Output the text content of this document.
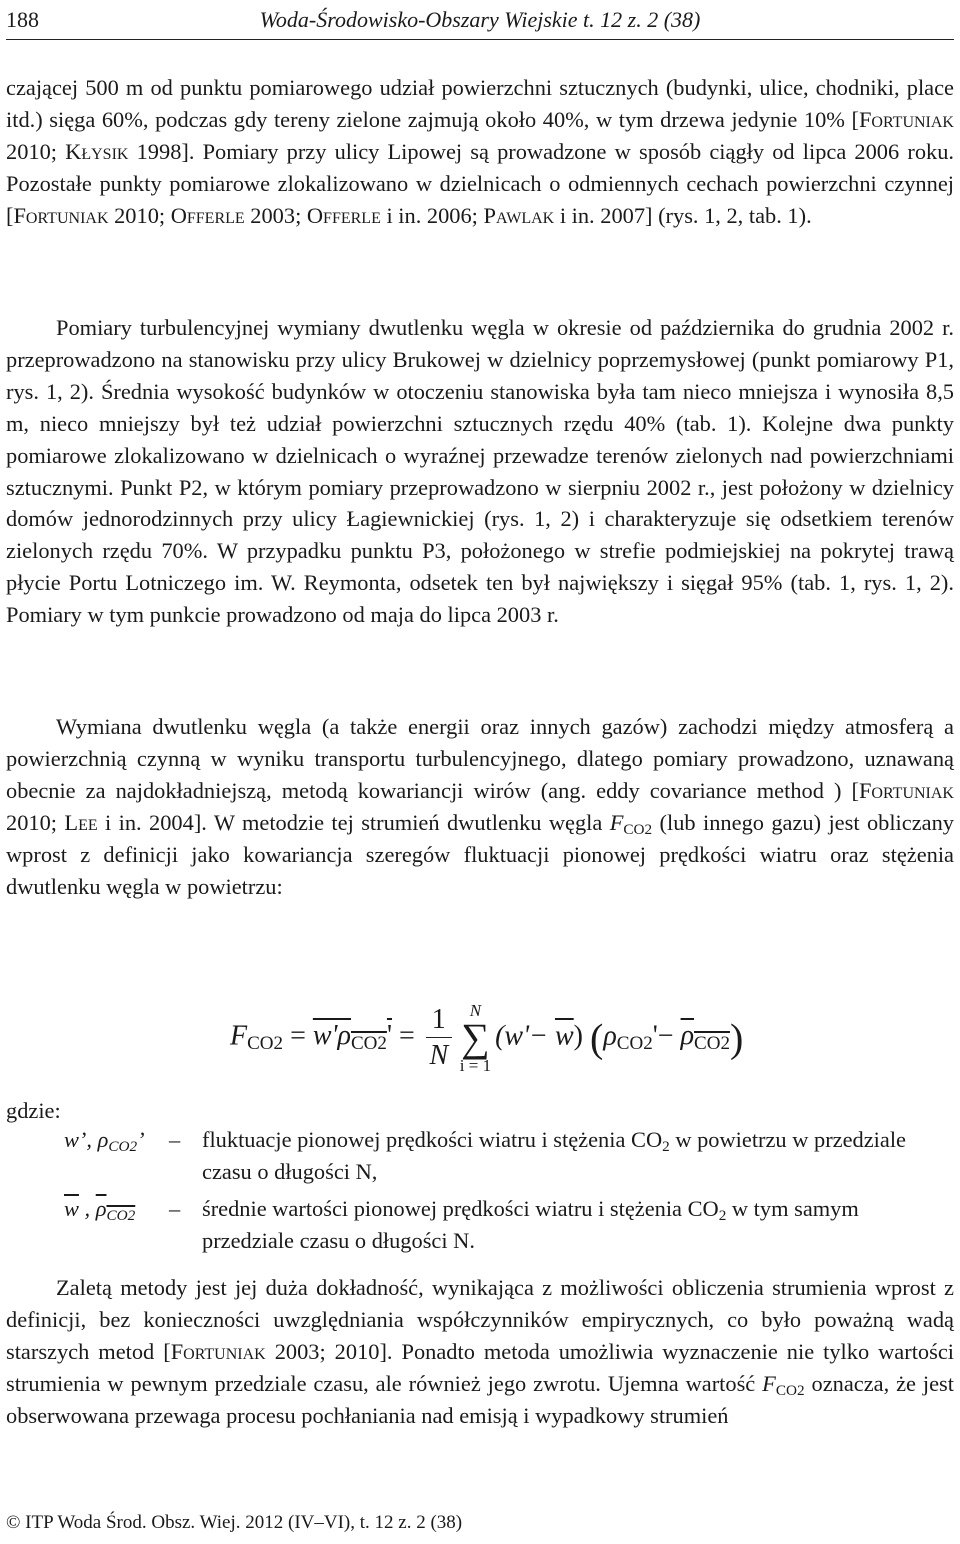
188	Woda-Środowisko-Obszary Wiejskie t. 12 z. 2 (38)

czającej 500 m od punktu pomiarowego udział powierzchni sztucznych (budynki, ulice, chodniki, place itd.) sięga 60%, podczas gdy tereny zielone zajmują około 40%, w tym drzewa jedynie 10% [Fortuniak 2010; Kłysik 1998]. Pomiary przy ulicy Lipowej są prowadzone w sposób ciągły od lipca 2006 roku. Pozostałe punkty pomiarowe zlokalizowano w dzielnicach o odmiennych cechach powierzchni czynnej [Fortuniak 2010; Offerle 2003; Offerle i in. 2006; Pawlak i in. 2007] (rys. 1, 2, tab. 1).

Pomiary turbulencyjnej wymiany dwutlenku węgla w okresie od października do grudnia 2002 r. przeprowadzono na stanowisku przy ulicy Brukowej w dzielnicy poprzemysłowej (punkt pomiarowy P1, rys. 1, 2). Średnia wysokość budynków w otoczeniu stanowiska była tam nieco mniejsza i wynosiła 8,5 m, nieco mniejszy był też udział powierzchni sztucznych rzędu 40% (tab. 1). Kolejne dwa punkty pomiarowe zlokalizowano w dzielnicach o wyraźnej przewadze terenów zielonych nad powierzchniami sztucznymi. Punkt P2, w którym pomiary przeprowadzono w sierpniu 2002 r., jest położony w dzielnicy domów jednorodzinnych przy ulicy Łagiewnickiej (rys. 1, 2) i charakteryzuje się odsetkiem terenów zielonych rzędu 70%. W przypadku punktu P3, położonego w strefie podmiejskiej na pokrytej trawą płycie Portu Lotniczego im. W. Reymonta, odsetek ten był największy i sięgał 95% (tab. 1, rys. 1, 2). Pomiary w tym punkcie prowadzono od maja do lipca 2003 r.

Wymiana dwutlenku węgla (a także energii oraz innych gazów) zachodzi między atmosferą a powierzchnią czynną w wyniku transportu turbulencyjnego, dlatego pomiary prowadzono, uznawaną obecnie za najdokładniejszą, metodą kowariancji wirów (ang. eddy covariance method ) [Fortuniak 2010; Lee i in. 2004]. W metodzie tej strumień dwutlenku węgla $F_{CO2}$ (lub innego gazu) jest obliczany wprost z definicji jako kowariancja szeregów fluktuacji pionowej prędkości wiatru oraz stężenia dwutlenku węgla w powietrzu:

$F_{CO2} = w'\rho_{CO2}' = \frac{1}{N}$	N
∑
i = 1
$(w'- \overline{w})$ $(\rho_{CO2}'- \rho_{CO2})$
gdzie:
w’, $\rho_{CO2}$’ – fluktuacje pionowej prędkości wiatru i stężenia $CO_2$ w powietrzu w przedziale czasu o długości N,
$\overline{w}$ , $\rho_{CO2}$ – średnie wartości pionowej prędkości wiatru i stężenia $CO_2$ w tym samym przedziale czasu o długości N.

Zaletą metody jest jej duża dokładność, wynikająca z możliwości obliczenia strumienia wprost z definicji, bez konieczności uwzględniania współczynników empirycznych, co było poważną wadą starszych metod [Fortuniak 2003; 2010]. Ponadto metoda umożliwia wyznaczenie nie tylko wartości strumienia w pewnym przedziale czasu, ale również jego zwrotu. Ujemna wartość $F_{CO2}$ oznacza, że jest obserwowana przewaga procesu pochłaniania nad emisją i wypadkowy strumień

© ITP Woda Środ. Obsz. Wiej. 2012 (IV–VI), t. 12 z. 2 (38)
